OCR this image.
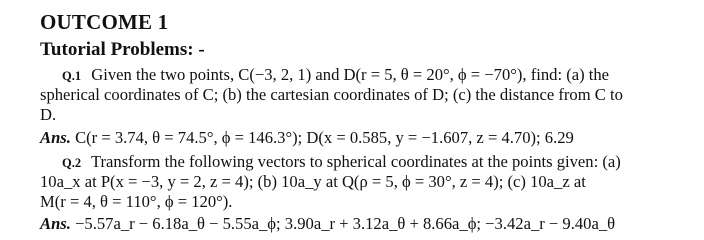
OUTCOME 1
Tutorial Problems: -
Q.1 Given the two points, C(−3, 2, 1) and D(r = 5, θ = 20°, ϕ = −70°), find: (a) the
spherical coordinates of C; (b) the cartesian coordinates of D; (c) the distance from C to
D.
Ans. C(r = 3.74, θ = 74.5°, ϕ = 146.3°); D(x = 0.585, y = −1.607, z = 4.70); 6.29
Q.2 Transform the following vectors to spherical coordinates at the points given: (a)
10a_x at P(x = −3, y = 2, z = 4); (b) 10a_y at Q(ρ = 5, ϕ = 30°, z = 4); (c) 10a_z at
M(r = 4, θ = 110°, ϕ = 120°).
Ans. −5.57a_r − 6.18a_θ − 5.55a_ϕ; 3.90a_r + 3.12a_θ + 8.66a_ϕ; −3.42a_r − 9.40a_θ
